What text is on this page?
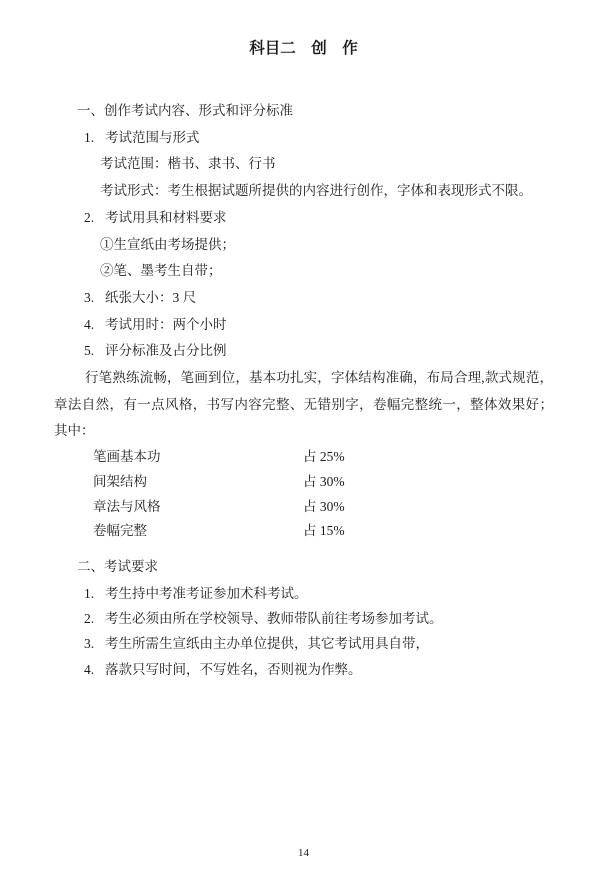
科目二　创　作
一、创作考试内容、形式和评分标准
1. 考试范围与形式
考试范围：楷书、隶书、行书
考试形式：考生根据试题所提供的内容进行创作，字体和表现形式不限。
2. 考试用具和材料要求
①生宣纸由考场提供；
②笔、墨考生自带；
3. 纸张大小：3 尺
4. 考试用时：两个小时
5. 评分标准及占分比例
行笔熟练流畅，笔画到位，基本功扎实，字体结构准确，布局合理,款式规范，章法自然，有一点风格，书写内容完整、无错别字，卷幅完整统一，整体效果好；其中：
笔画基本功	占 25%
间架结构	占 30%
章法与风格	占 30%
卷幅完整	占 15%
二、考试要求
1. 考生持中考准考证参加术科考试。
2. 考生必须由所在学校领导、教师带队前往考场参加考试。
3. 考生所需生宣纸由主办单位提供，其它考试用具自带，
4. 落款只写时间，不写姓名，否则视为作弊。
14
